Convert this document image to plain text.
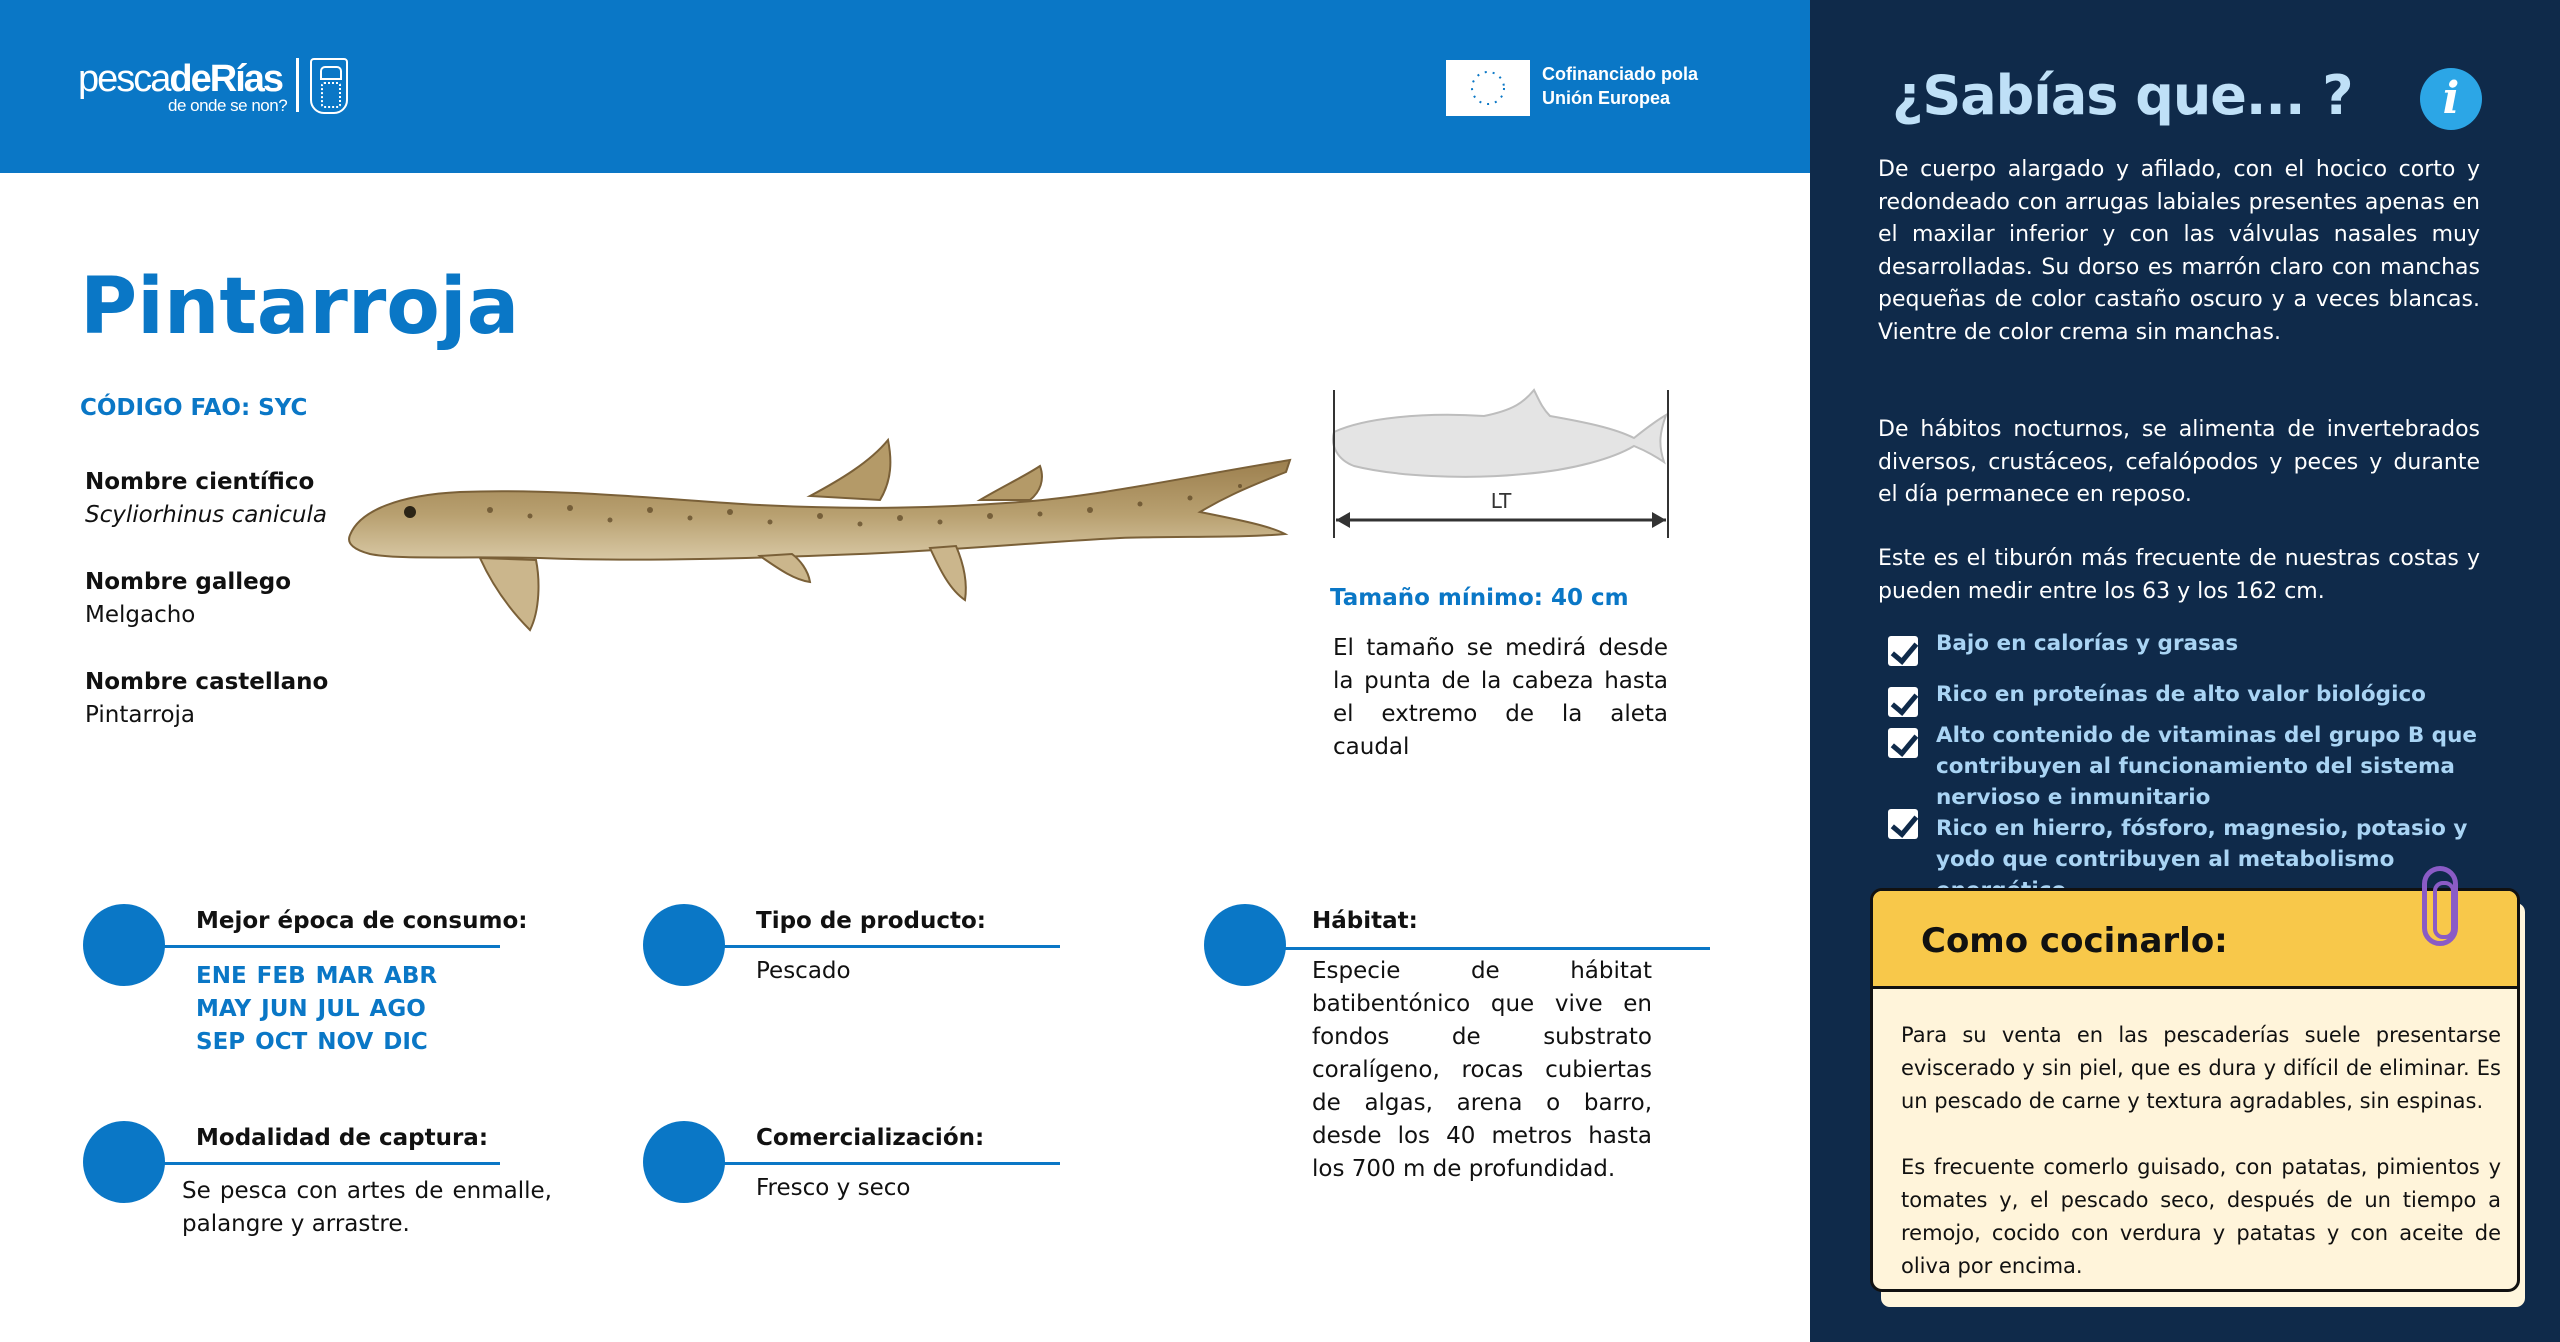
pescadeRías
de onde se non?
Cofinanciado pola
Unión Europea
Pintarroja
CÓDIGO FAO: SYC
Nombre científico
Scyliorhinus canicula
Nombre gallego
Melgacho
Nombre castellano
Pintarroja
LT
Tamaño mínimo: 40 cm
El tamaño se medirá desde la punta de la cabeza hasta el extremo de la aleta caudal
Mejor época de consumo:
ENE FEB MAR ABR
MAY JUN JUL AGO
SEP OCT NOV DIC
Tipo de producto:
Pescado
Hábitat:
Especie de hábitat batibentónico que vive en fondos de substrato coralígeno, rocas cubiertas de algas, arena o barro, desde los 40 metros hasta los 700 m de profundidad.
Modalidad de captura:
Se pesca con artes de enmalle, palangre y arrastre.
Comercialización:
Fresco y seco
¿Sabías que... ?	i
De cuerpo alargado y afilado, con el hocico corto y redondeado con arrugas labiales presentes apenas en el maxilar inferior y con las válvulas nasales muy desarrolladas. Su dorso es marrón claro con manchas pequeñas de color castaño oscuro y a veces blancas. Vientre de color crema sin manchas.
De hábitos nocturnos, se alimenta de invertebrados diversos, crustáceos, cefalópodos y peces y durante el día permanece en reposo.
Este es el tiburón más frecuente de nuestras costas y pueden medir entre los 63 y los 162 cm.
Bajo en calorías y grasas
Rico en proteínas de alto valor biológico
Alto contenido de vitaminas del grupo B que contribuyen al funcionamiento del sistema nervioso e inmunitario
Rico en hierro, fósforo, magnesio, potasio y yodo que contribuyen al metabolismo
Como cocinarlo:
Para su venta en las pescaderías suele presentarse eviscerado y sin piel, que es dura y difícil de eliminar. Es un pescado de carne y textura agradables, sin espinas.
Es frecuente comerlo guisado, con patatas, pimientos y tomates y, el pescado seco, después de un tiempo a remojo, cocido con verdura y patatas y con aceite de oliva por encima.
